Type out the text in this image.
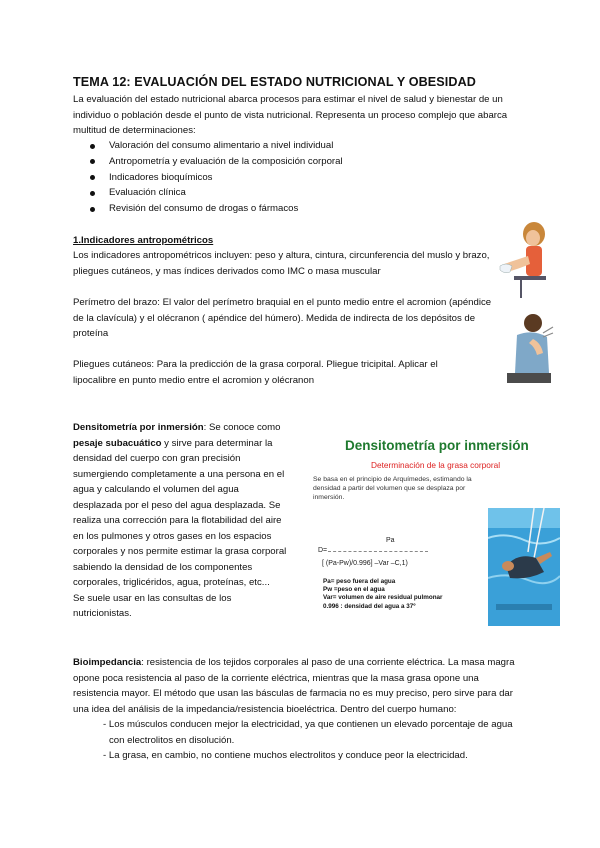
TEMA 12: EVALUACIÓN DEL ESTADO NUTRICIONAL Y OBESIDAD
La evaluación del estado nutricional abarca procesos para estimar el nivel de salud y bienestar de un individuo o población desde el punto de vista nutricional. Representa un proceso complejo que abarca multitud de determinaciones:
Valoración del consumo alimentario a nivel individual
Antropometría y evaluación de la composición corporal
Indicadores bioquímicos
Evaluación clínica
Revisión del consumo de drogas o fármacos
1.Indicadores antropométricos
Los indicadores antropométricos incluyen: peso y altura, cintura, circunferencia del muslo y brazo, pliegues cutáneos, y mas índices derivados como IMC o masa muscular
Perímetro del brazo: El valor del perímetro braquial en el punto medio entre el acromion (apéndice de la clavícula) y el olécranon ( apéndice del húmero). Medida de indirecta de los depósitos de proteína
Pliegues cutáneos: Para la predicción de la grasa corporal. Pliegue tricipital. Aplicar el lipocalibre en punto medio entre el acromion y olécranon
Densitometría por inmersión: Se conoce como pesaje subacuático y sirve para determinar la densidad del cuerpo con gran precisión sumergiendo completamente a una persona en el agua y calculando el volumen del agua desplazada por el peso del agua desplazada. Se realiza una corrección para la flotabilidad del aire en los pulmones y otros gases en los espacios corporales y nos permite estimar la grasa corporal sabiendo la densidad de los componentes corporales, triglicéridos, agua, proteínas, etc...
Se suele usar en las consultas de los nutricionistas.
Densitometría por inmersión
Determinación de la grasa corporal
Se basa en el principio de Arquímedes, estimando la densidad a partir del volumen que se desplaza por inmersión.
Pa
D=
[ (Pa-Pw)/0.996] –Var –C,1)
Pa= peso fuera del agua
Pw =peso en el agua
Var= volumen de aire residual pulmonar
0.996 : densidad del agua a 37º
Bioimpedancia: resistencia de los tejidos corporales al paso de una corriente eléctrica. La masa magra opone poca resistencia al paso de la corriente eléctrica, mientras que la masa grasa opone una resistencia mayor. El método que usan las básculas de farmacia no es muy preciso, pero sirve para dar una idea del análisis de la impedancia/resistencia bioeléctrica. Dentro del cuerpo humano:
- Los músculos conducen mejor la electricidad, ya que contienen un elevado porcentaje de agua con electrolitos en disolución.
- La grasa, en cambio, no contiene muchos electrolitos y conduce peor la electricidad.
